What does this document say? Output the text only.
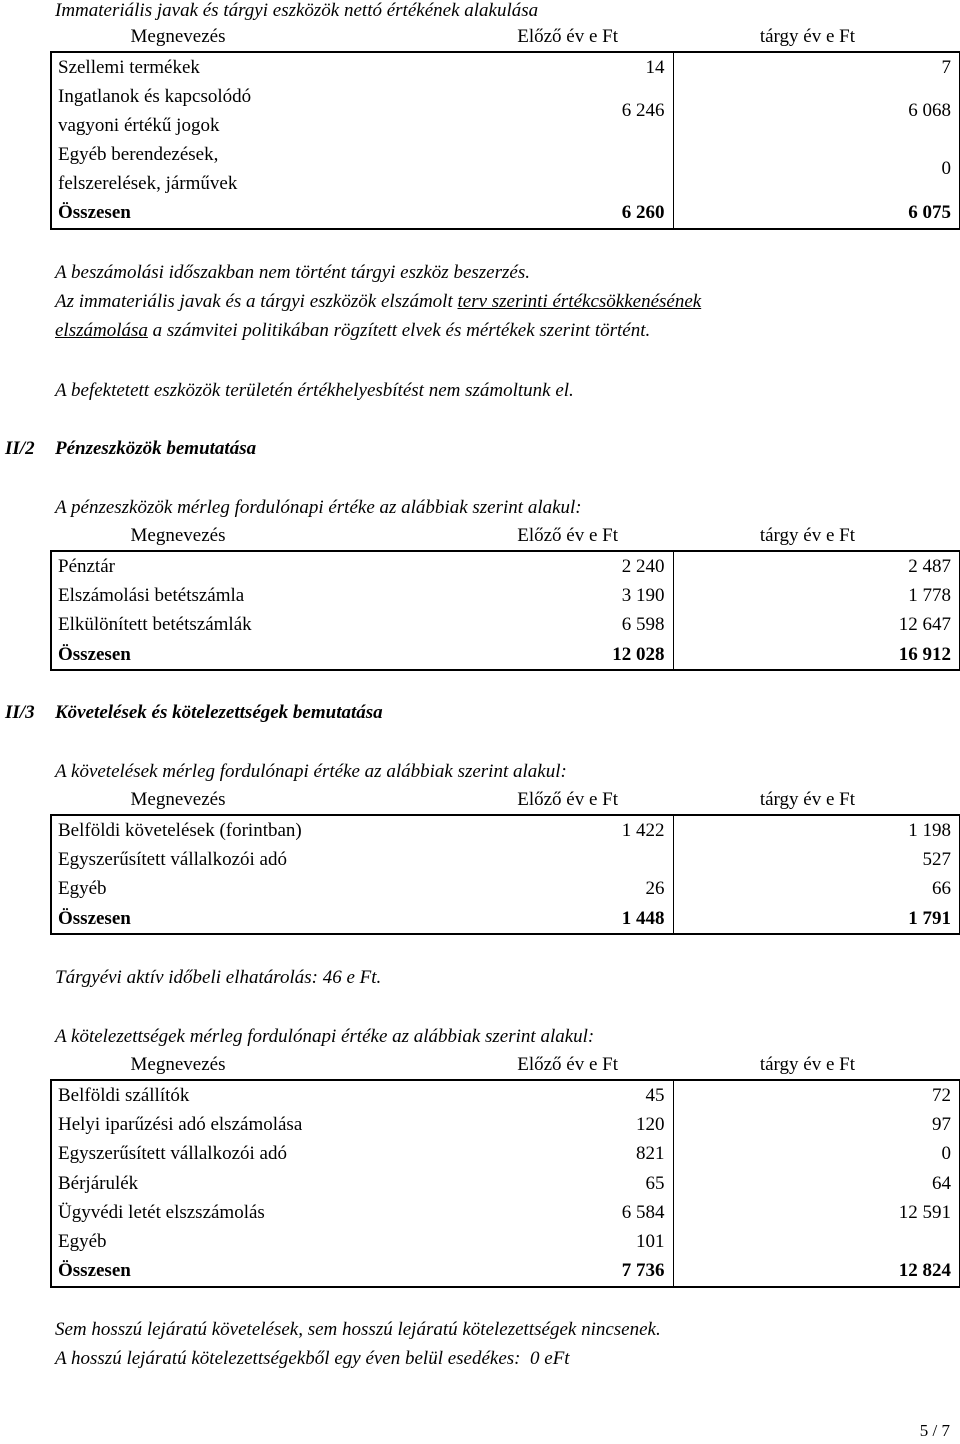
Immateriális javak és tárgyi eszközök nettó értékének alakulása
Megnevezés	Előző év e Ft	tárgy év e Ft
Szellemi termékek	14	7
Ingatlanok és kapcsolódó vagyoni értékű jogok	6 246	6 068
Egyéb berendezések, felszerelések, járművek		0
Összesen	6 260	6 075
A beszámolási időszakban nem történt tárgyi eszköz beszerzés.
Az immateriális javak és a tárgyi eszközök elszámolt terv szerinti értékcsökkenésének
elszámolása a számvitei politikában rögzített elvek és mértékek szerint történt.
A befektetett eszközök területén értékhelyesbítést nem számoltunk el.
II/2 Pénzeszközök bemutatása
A pénzeszközök mérleg fordulónapi értéke az alábbiak szerint alakul:
Megnevezés	Előző év e Ft	tárgy év e Ft
Pénztár	2 240	2 487
Elszámolási betétszámla	3 190	1 778
Elkülönített betétszámlák	6 598	12 647
Összesen	12 028	16 912
II/3 Követelések és kötelezettségek bemutatása
A követelések mérleg fordulónapi értéke az alábbiak szerint alakul:
Megnevezés	Előző év e Ft	tárgy év e Ft
Belföldi követelések (forintban)	1 422	1 198
Egyszerűsített vállalkozói adó		527
Egyéb	26	66
Összesen	1 448	1 791
Tárgyévi aktív időbeli elhatárolás: 46 e Ft.
A kötelezettségek mérleg fordulónapi értéke az alábbiak szerint alakul:
Megnevezés	Előző év e Ft	tárgy év e Ft
Belföldi szállítók	45	72
Helyi iparűzési adó elszámolása	120	97
Egyszerűsített vállalkozói adó	821	0
Bérjárulék	65	64
Ügyvédi letét elszszámolás	6 584	12 591
Egyéb	101	
Összesen	7 736	12 824
Sem hosszú lejáratú követelések, sem hosszú lejáratú kötelezettségek nincsenek.
A hosszú lejáratú kötelezettségekből egy éven belül esedékes:  0 eFt
5 / 7
